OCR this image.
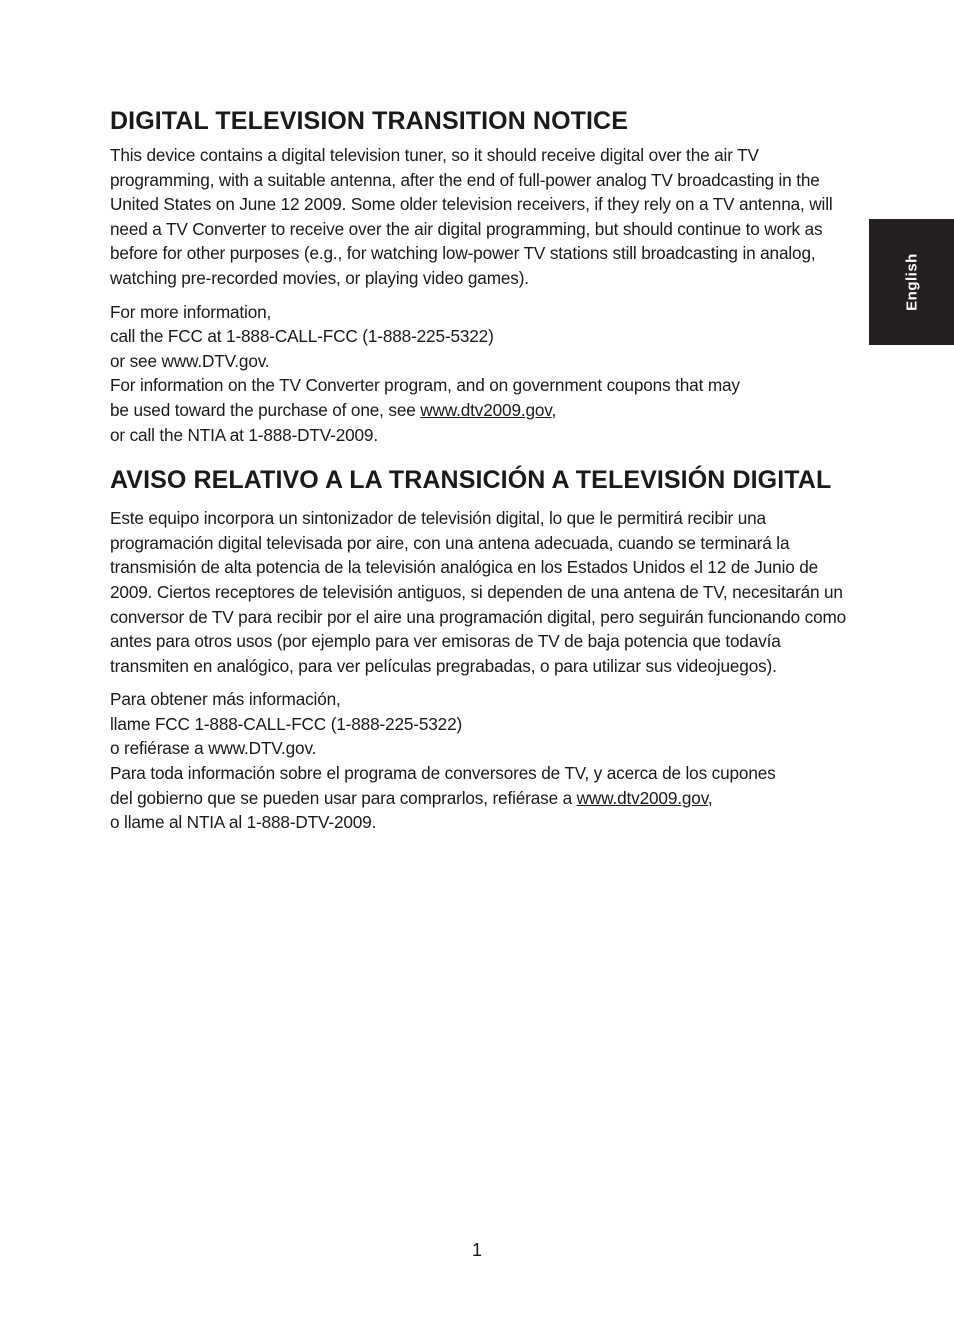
English
DIGITAL TELEVISION TRANSITION NOTICE

This device contains a digital television tuner, so it should receive digital over the air TV programming, with a suitable antenna, after the end of full-power analog TV broadcasting in the United States on June 12 2009. Some older television receivers, if they rely on a TV antenna, will need a TV Converter to receive over the air digital programming, but should continue to work as before for other purposes (e.g., for watching low-power TV stations still broadcasting in analog, watching pre-recorded movies, or playing video games).

For more information,
call the FCC at 1-888-CALL-FCC (1-888-225-5322)
or see www.DTV.gov.
For information on the TV Converter program, and on government coupons that may
be used toward the purchase of one, see www.dtv2009.gov,
or call the NTIA at 1-888-DTV-2009.

AVISO RELATIVO A LA TRANSICIÓN A TELEVISIÓN DIGITAL

Este equipo incorpora un sintonizador de televisión digital, lo que le permitirá recibir una programación digital televisada por aire, con una antena adecuada, cuando se terminará la transmisión de alta potencia de la televisión analógica en los Estados Unidos el 12 de Junio de 2009. Ciertos receptores de televisión antiguos, si dependen de una antena de TV, necesitarán un conversor de TV para recibir por el aire una programación digital, pero seguirán funcionando como antes para otros usos (por ejemplo para ver emisoras de TV de baja potencia que todavía transmiten en analógico, para ver películas pregrabadas, o para utilizar sus videojuegos).

Para obtener más información,
llame FCC 1-888-CALL-FCC (1-888-225-5322)
o refiérase a www.DTV.gov.
Para toda información sobre el programa de conversores de TV, y acerca de los cupones
del gobierno que se pueden usar para comprarlos, refiérase a www.dtv2009.gov,
o llame al NTIA al 1-888-DTV-2009.

1
